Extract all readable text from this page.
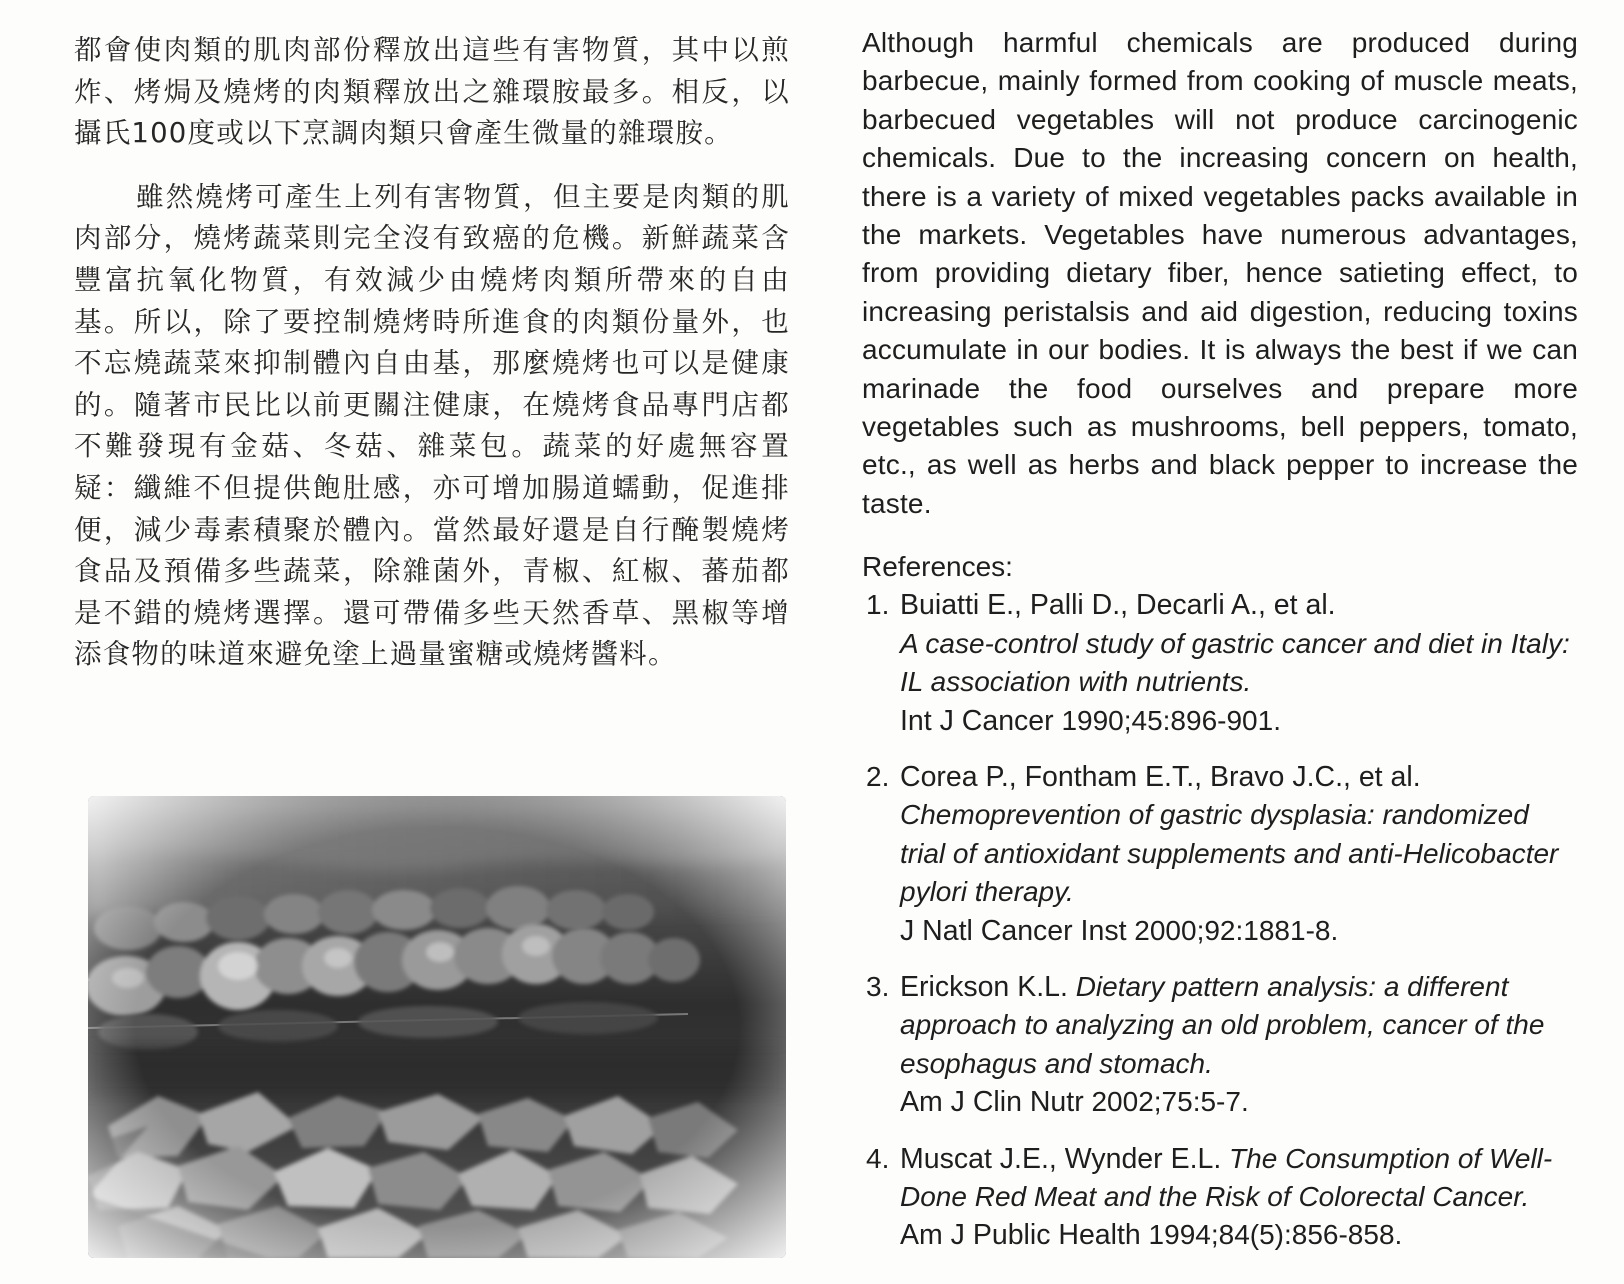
都會使肉類的肌肉部份釋放出這些有害物質，其中以煎炸、烤焗及燒烤的肉類釋放出之雜環胺最多。相反，以攝氏100度或以下烹調肉類只會產生微量的雜環胺。

雖然燒烤可產生上列有害物質，但主要是肉類的肌肉部分，燒烤蔬菜則完全沒有致癌的危機。新鮮蔬菜含豐富抗氧化物質，有效減少由燒烤肉類所帶來的自由基。所以，除了要控制燒烤時所進食的肉類份量外，也不忘燒蔬菜來抑制體內自由基，那麼燒烤也可以是健康的。隨著市民比以前更關注健康，在燒烤食品專門店都不難發現有金菇、冬菇、雜菜包。蔬菜的好處無容置疑：纖維不但提供飽肚感，亦可增加腸道蠕動，促進排便，減少毒素積聚於體內。當然最好還是自行醃製燒烤食品及預備多些蔬菜，除雜菌外，青椒、紅椒、蕃茄都是不錯的燒烤選擇。還可帶備多些天然香草、黑椒等增添食物的味道來避免塗上過量蜜糖或燒烤醬料。

Although harmful chemicals are produced during barbecue, mainly formed from cooking of muscle meats, barbecued vegetables will not produce carcinogenic chemicals. Due to the increasing concern on health, there is a variety of mixed vegetables packs available in the markets. Vegetables have numerous advantages, from providing dietary fiber, hence satieting effect, to increasing peristalsis and aid digestion, reducing toxins accumulate in our bodies. It is always the best if we can marinade the food ourselves and prepare more vegetables such as mushrooms, bell peppers, tomato, etc., as well as herbs and black pepper to increase the taste.

References:

1. Buiatti E., Palli D., Decarli A., et al.
A case-control study of gastric cancer and diet in Italy: IL association with nutrients.
Int J Cancer 1990;45:896-901.
2. Corea P., Fontham E.T., Bravo J.C., et al.
Chemoprevention of gastric dysplasia: randomized trial of antioxidant supplements and anti-Helicobacter pylori therapy.
J Natl Cancer Inst 2000;92:1881-8.
3. Erickson K.L. Dietary pattern analysis: a different approach to analyzing an old problem, cancer of the esophagus and stomach.
Am J Clin Nutr 2002;75:5-7.
4. Muscat J.E., Wynder E.L. The Consumption of Well-Done Red Meat and the Risk of Colorectal Cancer. Am J Public Health 1994;84(5):856-858.
